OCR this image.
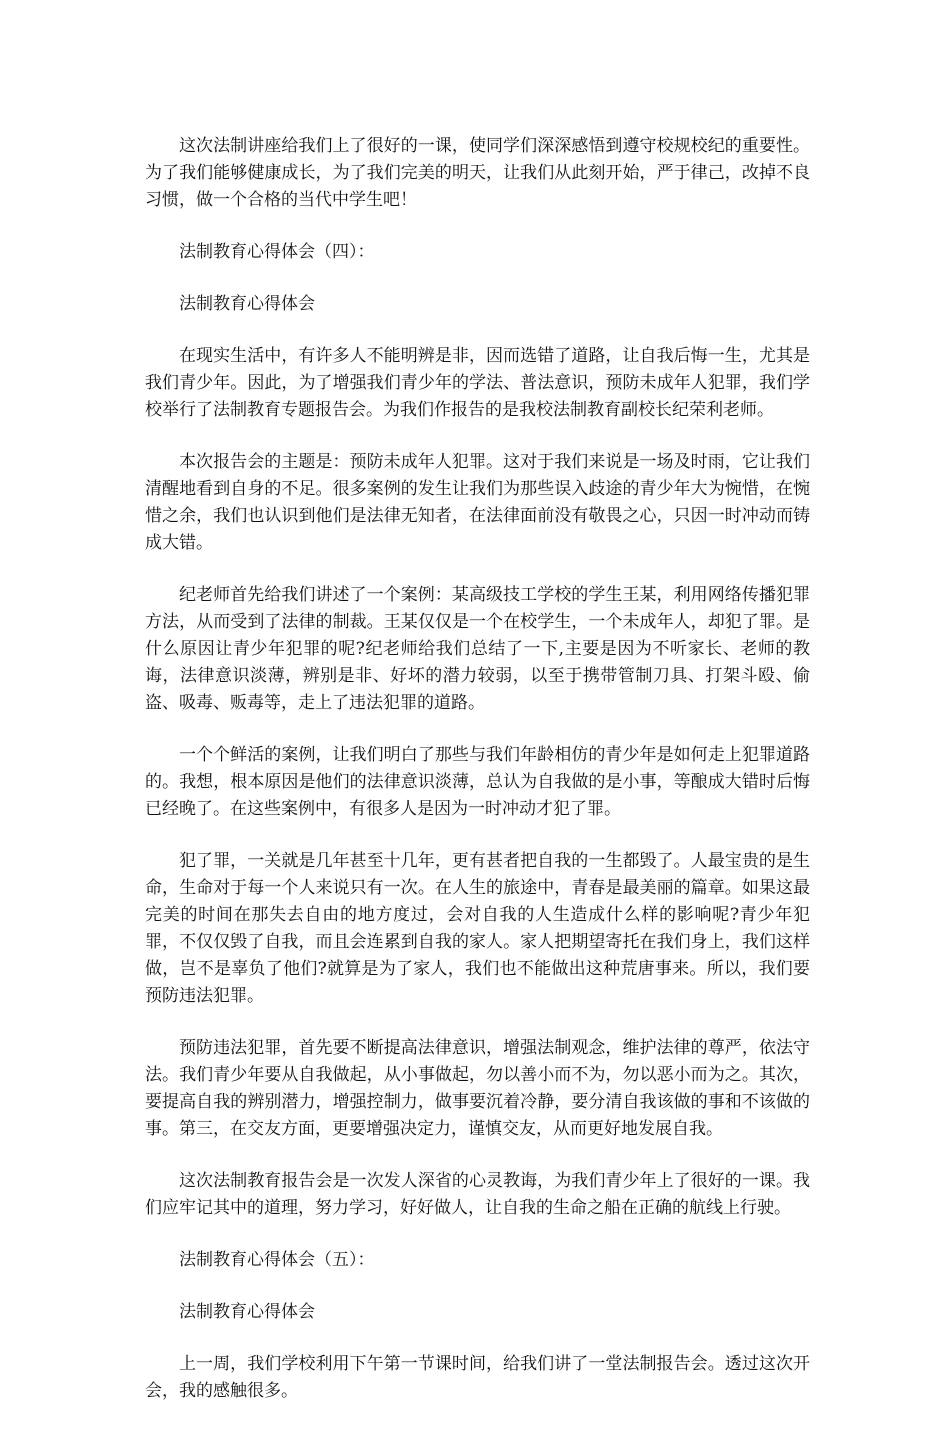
这次法制讲座给我们上了很好的一课，使同学们深深感悟到遵守校规校纪的重要性。为了我们能够健康成长，为了我们完美的明天，让我们从此刻开始，严于律己，改掉不良习惯，做一个合格的当代中学生吧！

法制教育心得体会（四）：

法制教育心得体会

在现实生活中，有许多人不能明辨是非，因而选错了道路，让自我后悔一生，尤其是我们青少年。因此，为了增强我们青少年的学法、普法意识，预防未成年人犯罪，我们学校举行了法制教育专题报告会。为我们作报告的是我校法制教育副校长纪荣利老师。

本次报告会的主题是：预防未成年人犯罪。这对于我们来说是一场及时雨，它让我们清醒地看到自身的不足。很多案例的发生让我们为那些误入歧途的青少年大为惋惜，在惋惜之余，我们也认识到他们是法律无知者，在法律面前没有敬畏之心，只因一时冲动而铸成大错。

纪老师首先给我们讲述了一个案例：某高级技工学校的学生王某，利用网络传播犯罪方法，从而受到了法律的制裁。王某仅仅是一个在校学生，一个未成年人，却犯了罪。是什么原因让青少年犯罪的呢?纪老师给我们总结了一下,主要是因为不听家长、老师的教诲，法律意识淡薄，辨别是非、好坏的潜力较弱，以至于携带管制刀具、打架斗殴、偷盗、吸毒、贩毒等，走上了违法犯罪的道路。

一个个鲜活的案例，让我们明白了那些与我们年龄相仿的青少年是如何走上犯罪道路的。我想，根本原因是他们的法律意识淡薄，总认为自我做的是小事，等酿成大错时后悔已经晚了。在这些案例中，有很多人是因为一时冲动才犯了罪。

犯了罪，一关就是几年甚至十几年，更有甚者把自我的一生都毁了。人最宝贵的是生命，生命对于每一个人来说只有一次。在人生的旅途中，青春是最美丽的篇章。如果这最完美的时间在那失去自由的地方度过，会对自我的人生造成什么样的影响呢?青少年犯罪，不仅仅毁了自我，而且会连累到自我的家人。家人把期望寄托在我们身上，我们这样做，岂不是辜负了他们?就算是为了家人，我们也不能做出这种荒唐事来。所以，我们要预防违法犯罪。

预防违法犯罪，首先要不断提高法律意识，增强法制观念，维护法律的尊严，依法守法。我们青少年要从自我做起，从小事做起，勿以善小而不为，勿以恶小而为之。其次，要提高自我的辨别潜力，增强控制力，做事要沉着冷静，要分清自我该做的事和不该做的事。第三，在交友方面，更要增强决定力，谨慎交友，从而更好地发展自我。

这次法制教育报告会是一次发人深省的心灵教诲，为我们青少年上了很好的一课。我们应牢记其中的道理，努力学习，好好做人，让自我的生命之船在正确的航线上行驶。

法制教育心得体会（五）：

法制教育心得体会

上一周，我们学校利用下午第一节课时间，给我们讲了一堂法制报告会。透过这次开会，我的感触很多。
